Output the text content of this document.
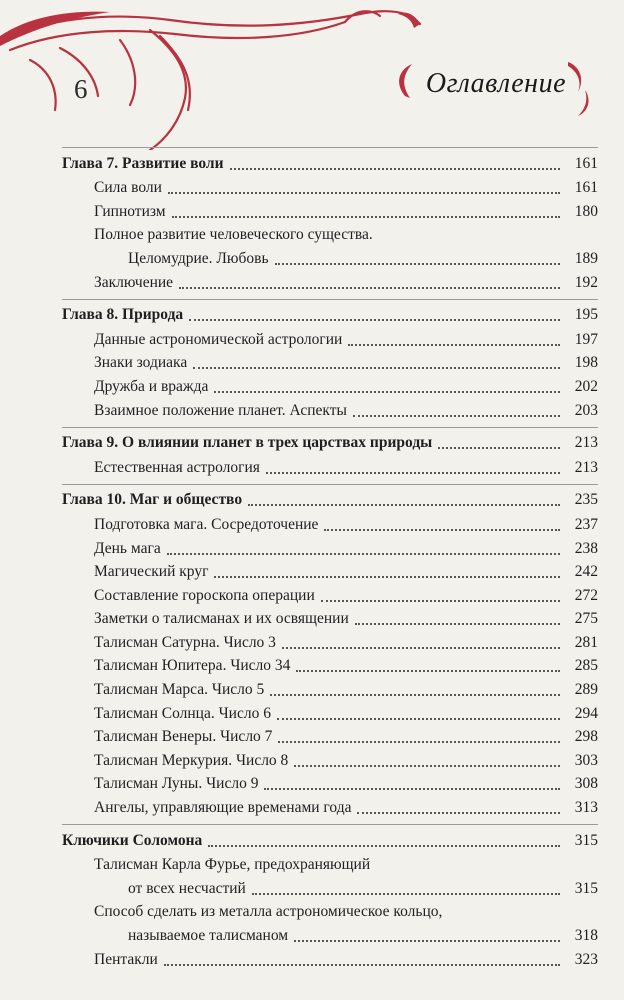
6	Оглавление
Глава 7. Развитие воли	161
Сила воли	161
Гипнотизм	180
Полное развитие человеческого существа.
Целомудрие. Любовь	189
Заключение	192
Глава 8. Природа	195
Данные астрономической астрологии	197
Знаки зодиака	198
Дружба и вражда	202
Взаимное положение планет. Аспекты	203
Глава 9. О влиянии планет в трех царствах природы	213
Естественная астрология	213
Глава 10. Маг и общество	235
Подготовка мага. Сосредоточение	237
День мага	238
Магический круг	242
Составление гороскопа операции	272
Заметки о талисманах и их освящении	275
Талисман Сатурна. Число 3	281
Талисман Юпитера. Число 34	285
Талисман Марса. Число 5	289
Талисман Солнца. Число 6	294
Талисман Венеры. Число 7	298
Талисман Меркурия. Число 8	303
Талисман Луны. Число 9	308
Ангелы, управляющие временами года	313
Ключики Соломона	315
Талисман Карла Фурье, предохраняющий
от всех несчастий	315
Способ сделать из металла астрономическое кольцо,
называемое талисманом	318
Пентакли	323
